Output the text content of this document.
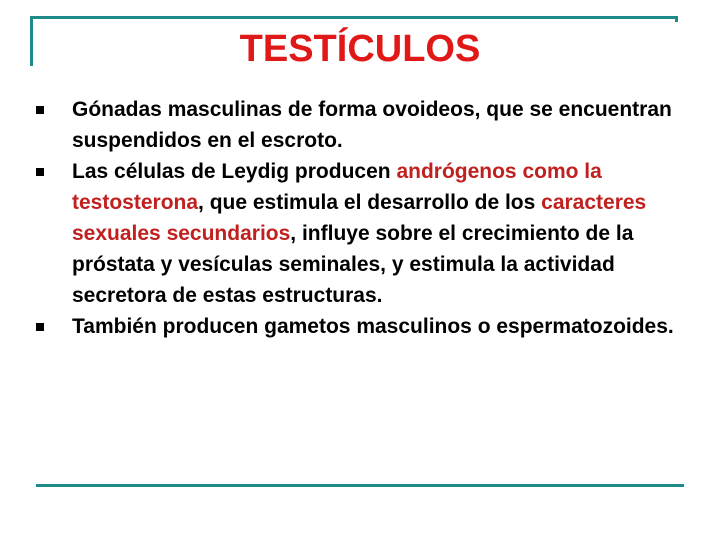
TESTÍCULOS
Gónadas masculinas de forma ovoideos, que se encuentran suspendidos en el escroto.
Las células de Leydig producen andrógenos como la testosterona, que estimula el desarrollo de los caracteres sexuales secundarios, influye sobre el crecimiento de la próstata y vesículas seminales, y estimula la actividad secretora de estas estructuras.
También producen gametos masculinos o espermatozoides.
